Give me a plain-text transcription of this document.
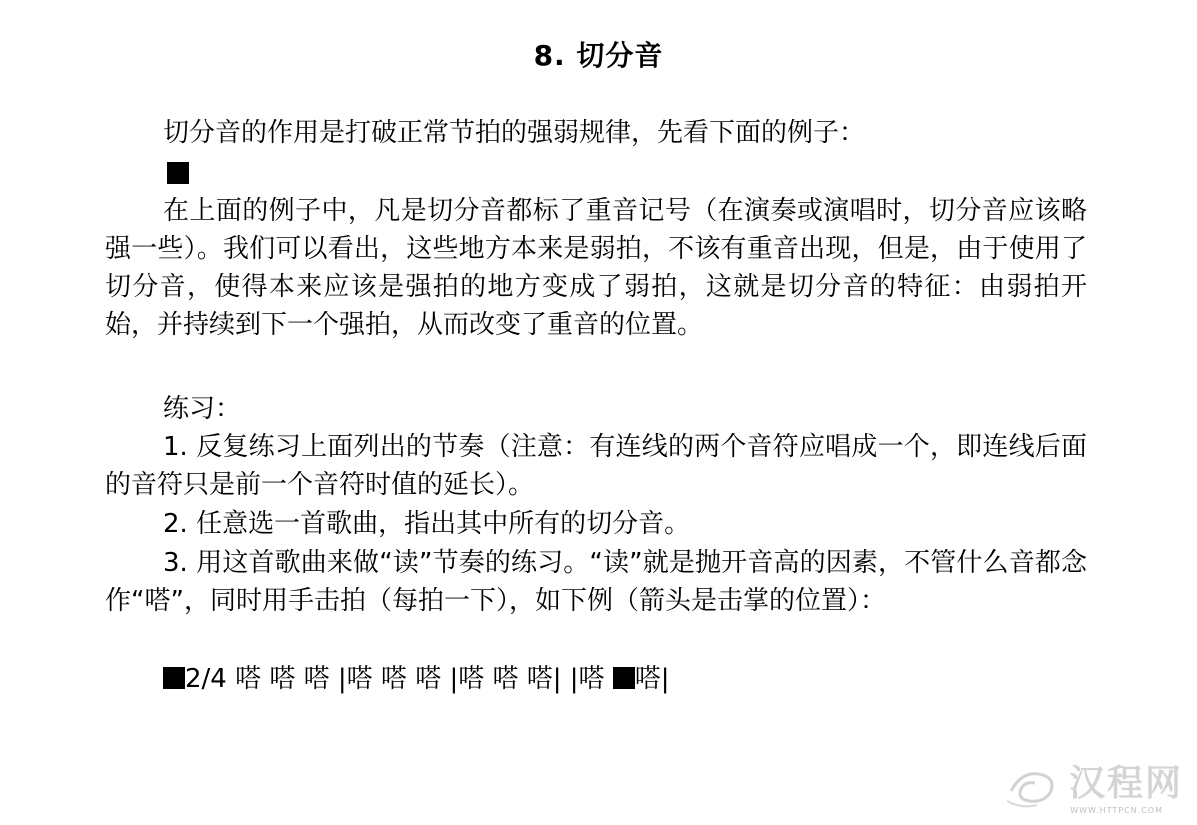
8. 切分音

切分音的作用是打破正常节拍的强弱规律，先看下面的例子：

在上面的例子中，凡是切分音都标了重音记号（在演奏或演唱时，切分音应该略强一些）。我们可以看出，这些地方本来是弱拍，不该有重音出现，但是，由于使用了切分音，使得本来应该是强拍的地方变成了弱拍，这就是切分音的特征：由弱拍开始，并持续到下一个强拍，从而改变了重音的位置。

练习：

1. 反复练习上面列出的节奏（注意：有连线的两个音符应唱成一个，即连线后面的音符只是前一个音符时值的延长）。

2. 任意选一首歌曲，指出其中所有的切分音。

3. 用这首歌曲来做“读”节奏的练习。“读”就是抛开音高的因素，不管什么音都念作“嗒”，同时用手击拍（每拍一下），如下例（箭头是击掌的位置）：

2/4 嗒 嗒 嗒 |嗒 嗒 嗒 |嗒 嗒 嗒| |嗒 嗒|
汉程网
WWW.HTTPCN.COM
